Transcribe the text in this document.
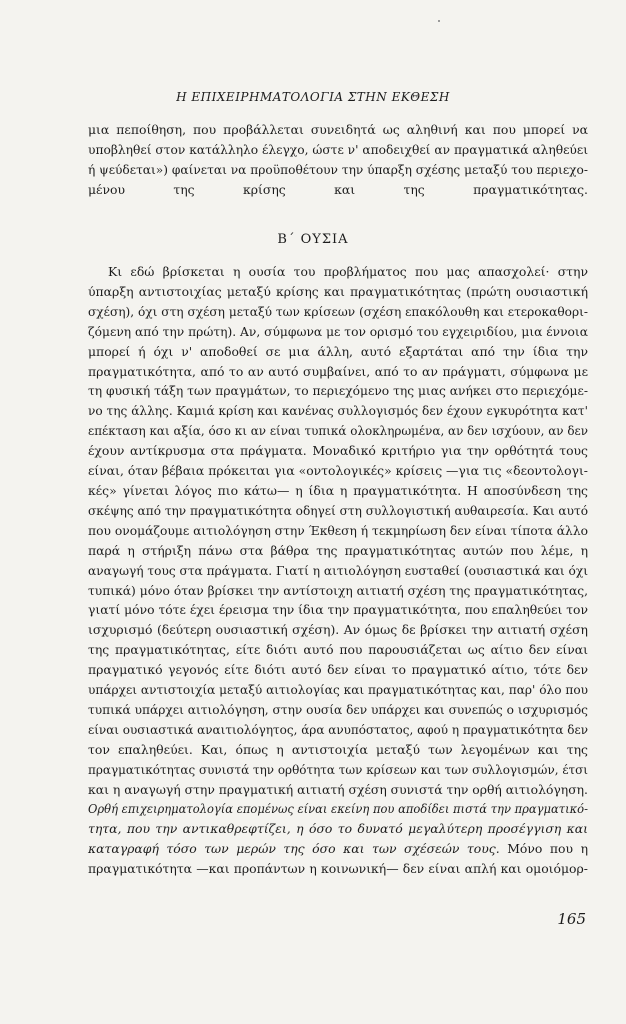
Η ΕΠΙΧΕΙΡΗΜΑΤΟΛΟΓΙΑ ΣΤΗΝ ΕΚΘΕΣΗ

μια πεποίθηση, που προβάλλεται συνειδητά ως αληθινή και που μπορεί να
υποβληθεί στον κατάλληλο έλεγχο, ώστε ν' αποδειχθεί αν πραγματικά αληθεύει
ή ψεύδεται») φαίνεται να προϋποθέτουν την ύπαρξη σχέσης μεταξύ του περιεχο-
μένου της κρίσης και της πραγματικότητας.

Β΄ ΟΥΣΙΑ

Κι εδώ βρίσκεται η ουσία του προβλήματος που μας απασχολεί· στην
ύπαρξη αντιστοιχίας μεταξύ κρίσης και πραγματικότητας (πρώτη ουσιαστική
σχέση), όχι στη σχέση μεταξύ των κρίσεων (σχέση επακόλουθη και ετεροκαθορι-
ζόμενη από την πρώτη). Αν, σύμφωνα με τον ορισμό του εγχειριδίου, μια έννοια
μπορεί ή όχι ν' αποδοθεί σε μια άλλη, αυτό εξαρτάται από την ίδια την
πραγματικότητα, από το αν αυτό συμβαίνει, από το αν πράγματι, σύμφωνα με
τη φυσική τάξη των πραγμάτων, το περιεχόμενο της μιας ανήκει στο περιεχόμε-
νο της άλλης. Καμιά κρίση και κανένας συλλογισμός δεν έχουν εγκυρότητα κατ'
επέκταση και αξία, όσο κι αν είναι τυπικά ολοκληρωμένα, αν δεν ισχύουν, αν δεν
έχουν αντίκρυσμα στα πράγματα. Μοναδικό κριτήριο για την ορθότητά τους
είναι, όταν βέβαια πρόκειται για «οντολογικές» κρίσεις —για τις «δεοντολογι-
κές» γίνεται λόγος πιο κάτω— η ίδια η πραγματικότητα. Η αποσύνδεση της
σκέψης από την πραγματικότητα οδηγεί στη συλλογιστική αυθαιρεσία. Και αυτό
που ονομάζουμε αιτιολόγηση στην Έκθεση ή τεκμηρίωση δεν είναι τίποτα άλλο
παρά η στήριξη πάνω στα βάθρα της πραγματικότητας αυτών που λέμε, η
αναγωγή τους στα πράγματα. Γιατί η αιτιολόγηση ευσταθεί (ουσιαστικά και όχι
τυπικά) μόνο όταν βρίσκει την αντίστοιχη αιτιατή σχέση της πραγματικότητας,
γιατί μόνο τότε έχει έρεισμα την ίδια την πραγματικότητα, που επαληθεύει τον
ισχυρισμό (δεύτερη ουσιαστική σχέση). Αν όμως δε βρίσκει την αιτιατή σχέση
της πραγματικότητας, είτε διότι αυτό που παρουσιάζεται ως αίτιο δεν είναι
πραγματικό γεγονός είτε διότι αυτό δεν είναι το πραγματικό αίτιο, τότε δεν
υπάρχει αντιστοιχία μεταξύ αιτιολογίας και πραγματικότητας και, παρ' όλο που
τυπικά υπάρχει αιτιολόγηση, στην ουσία δεν υπάρχει και συνεπώς ο ισχυρισμός
είναι ουσιαστικά αναιτιολόγητος, άρα ανυπόστατος, αφού η πραγματικότητα δεν
τον επαληθεύει. Και, όπως η αντιστοιχία μεταξύ των λεγομένων και της
πραγματικότητας συνιστά την ορθότητα των κρίσεων και των συλλογισμών, έτσι
και η αναγωγή στην πραγματική αιτιατή σχέση συνιστά την ορθή αιτιολόγηση.
Ορθή επιχειρηματολογία επομένως είναι εκείνη που αποδίδει πιστά την πραγματικό-
τητα, που την αντικαθρεφτίζει, η όσο το δυνατό μεγαλύτερη προσέγγιση και
καταγραφή τόσο των μερών της όσο και των σχέσεών τους. Μόνο που η
πραγματικότητα —και προπάντων η κοινωνική— δεν είναι απλή και ομοιόμορ-

165
